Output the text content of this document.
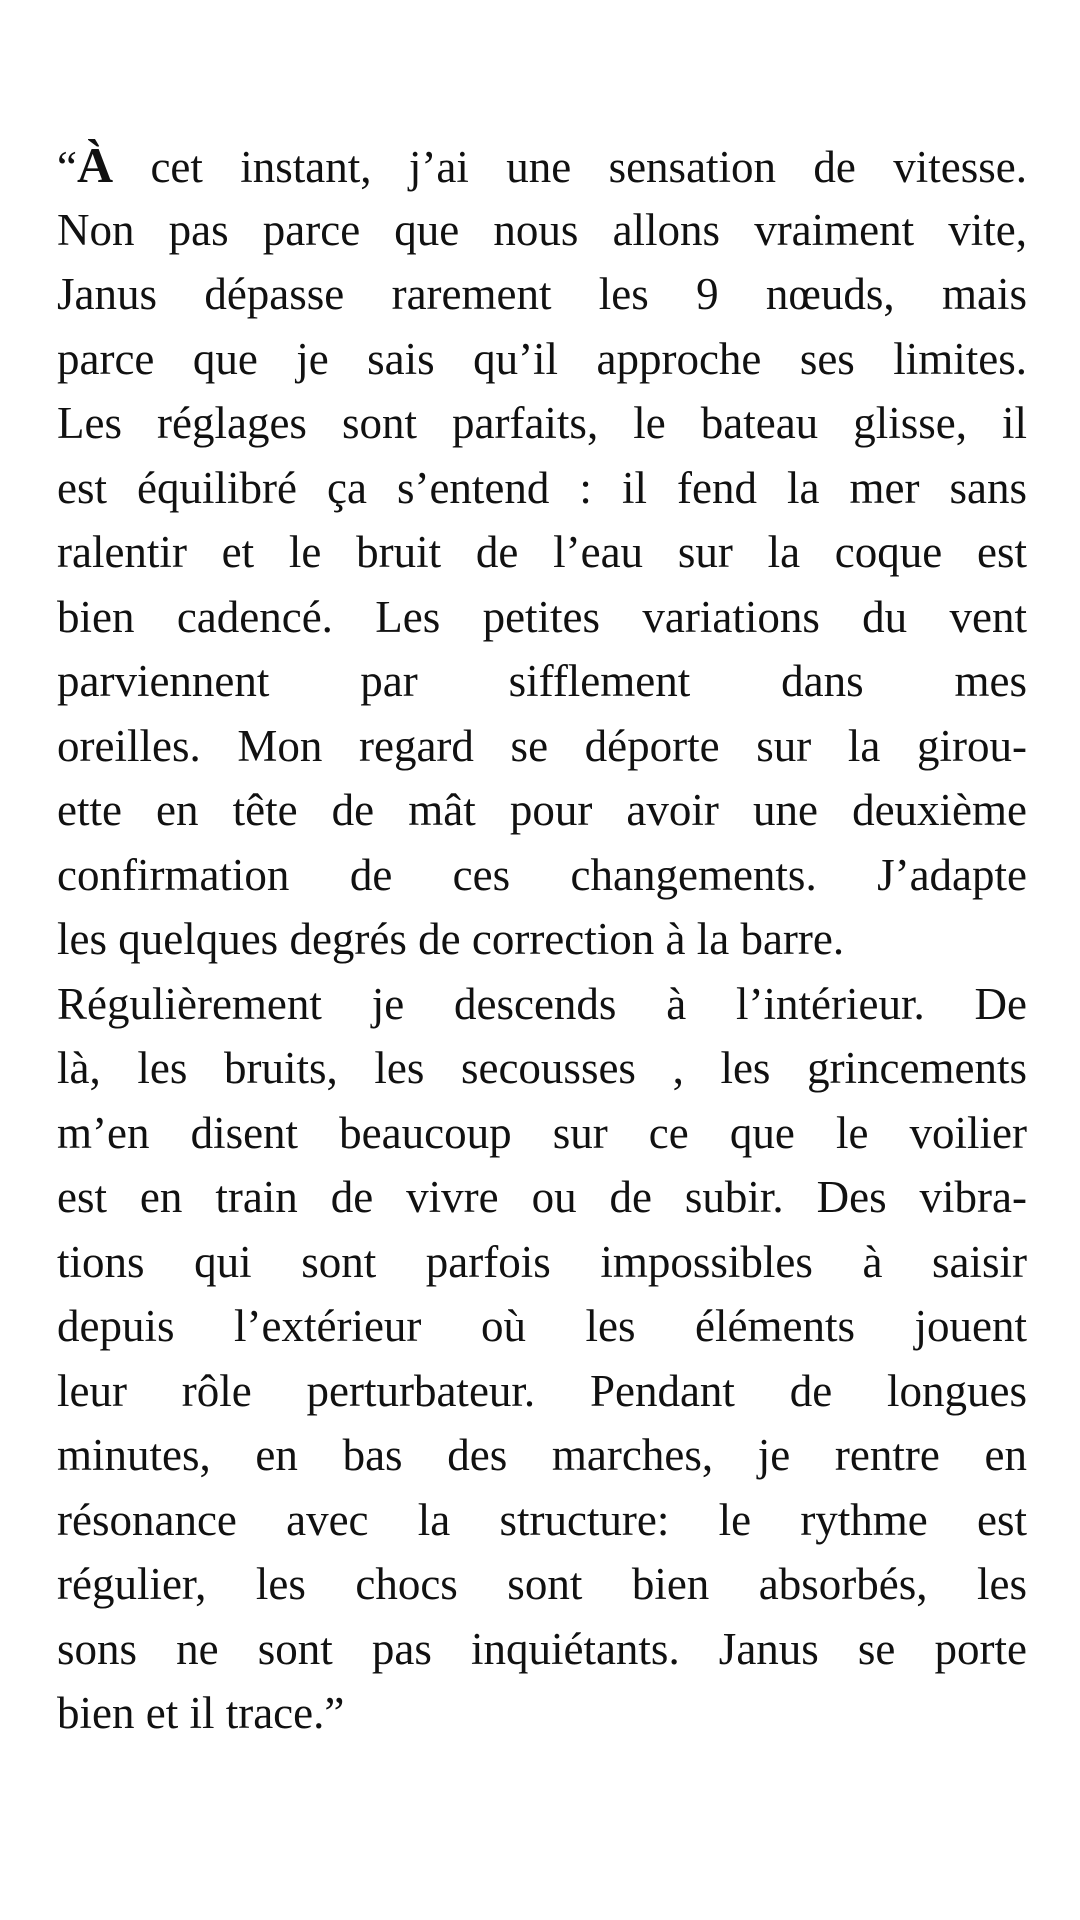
“À cet instant, j’ai une sensation de vitesse.
Non pas parce que nous allons vraiment vite,
Janus dépasse rarement les 9 nœuds, mais
parce que je sais qu’il approche ses limites.
Les réglages sont parfaits, le bateau glisse, il
est équilibré ça s’entend : il fend la mer sans
ralentir et le bruit de l’eau sur la coque est
bien cadencé. Les petites variations du vent
parviennent par sifflement dans mes
oreilles. Mon regard se déporte sur la girou-
ette en tête de mât pour avoir une deuxième
confirmation de ces changements. J’adapte
les quelques degrés de correction à la barre.
Régulièrement je descends à l’intérieur. De
là, les bruits, les secousses , les grincements
m’en disent beaucoup sur ce que le voilier
est en train de vivre ou de subir. Des vibra-
tions qui sont parfois impossibles à saisir
depuis l’extérieur où les éléments jouent
leur rôle perturbateur. Pendant de longues
minutes, en bas des marches, je rentre en
résonance avec la structure: le rythme est
régulier, les chocs sont bien absorbés, les
sons ne sont pas inquiétants. Janus se porte
bien et il trace.”
